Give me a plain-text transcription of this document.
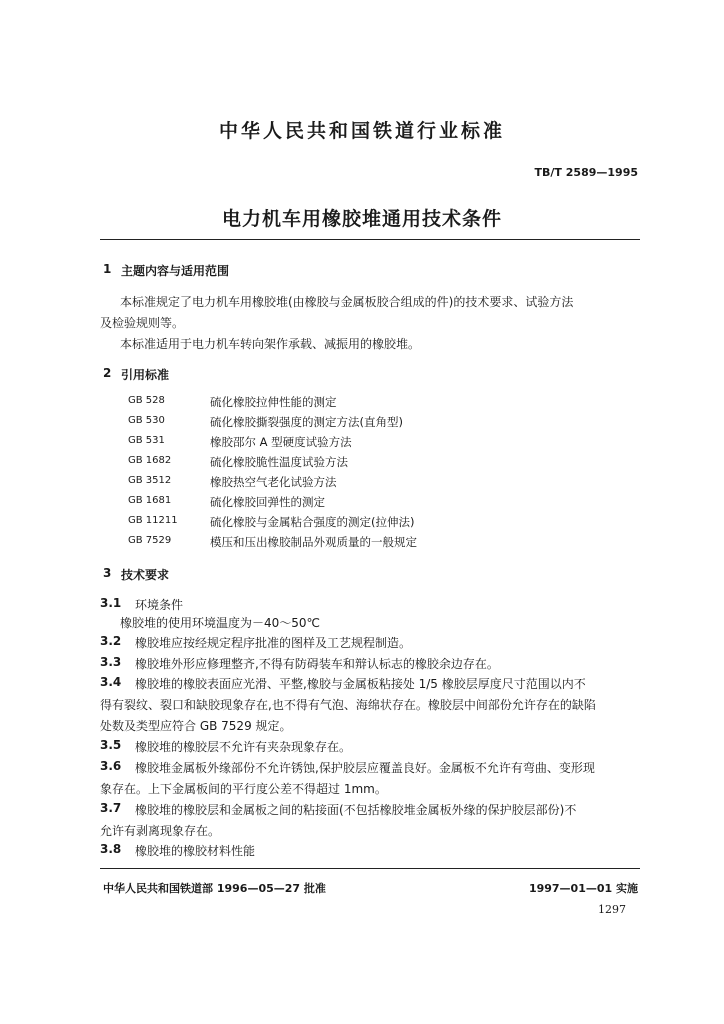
中华人民共和国铁道行业标准
TB/T 2589—1995
电力机车用橡胶堆通用技术条件
1 主题内容与适用范围
本标准规定了电力机车用橡胶堆(由橡胶与金属板胶合组成的件)的技术要求、试验方法
及检验规则等。
本标准适用于电力机车转向架作承载、减振用的橡胶堆。
2 引用标准
GB 528	硫化橡胶拉伸性能的测定
GB 530	硫化橡胶撕裂强度的测定方法(直角型)
GB 531	橡胶邵尔 A 型硬度试验方法
GB 1682	硫化橡胶脆性温度试验方法
GB 3512	橡胶热空气老化试验方法
GB 1681	硫化橡胶回弹性的测定
GB 11211	硫化橡胶与金属粘合强度的测定(拉伸法)
GB 7529	模压和压出橡胶制品外观质量的一般规定
3 技术要求
3.1 环境条件
橡胶堆的使用环境温度为－40～50℃
3.2 橡胶堆应按经规定程序批准的图样及工艺规程制造。
3.3 橡胶堆外形应修理整齐,不得有防碍装车和辩认标志的橡胶余边存在。
3.4 橡胶堆的橡胶表面应光滑、平整,橡胶与金属板粘接处 1/5 橡胶层厚度尺寸范围以内不
得有裂纹、裂口和缺胶现象存在,也不得有气泡、海绵状存在。橡胶层中间部份允许存在的缺陷
处数及类型应符合 GB 7529 规定。
3.5 橡胶堆的橡胶层不允许有夹杂现象存在。
3.6 橡胶堆金属板外缘部份不允许锈蚀,保护胶层应覆盖良好。金属板不允许有弯曲、变形现
象存在。上下金属板间的平行度公差不得超过 1mm。
3.7 橡胶堆的橡胶层和金属板之间的粘接面(不包括橡胶堆金属板外缘的保护胶层部份)不
允许有剥离现象存在。
3.8 橡胶堆的橡胶材料性能
中华人民共和国铁道部 1996—05—27 批准	1997—01—01 实施
1297
